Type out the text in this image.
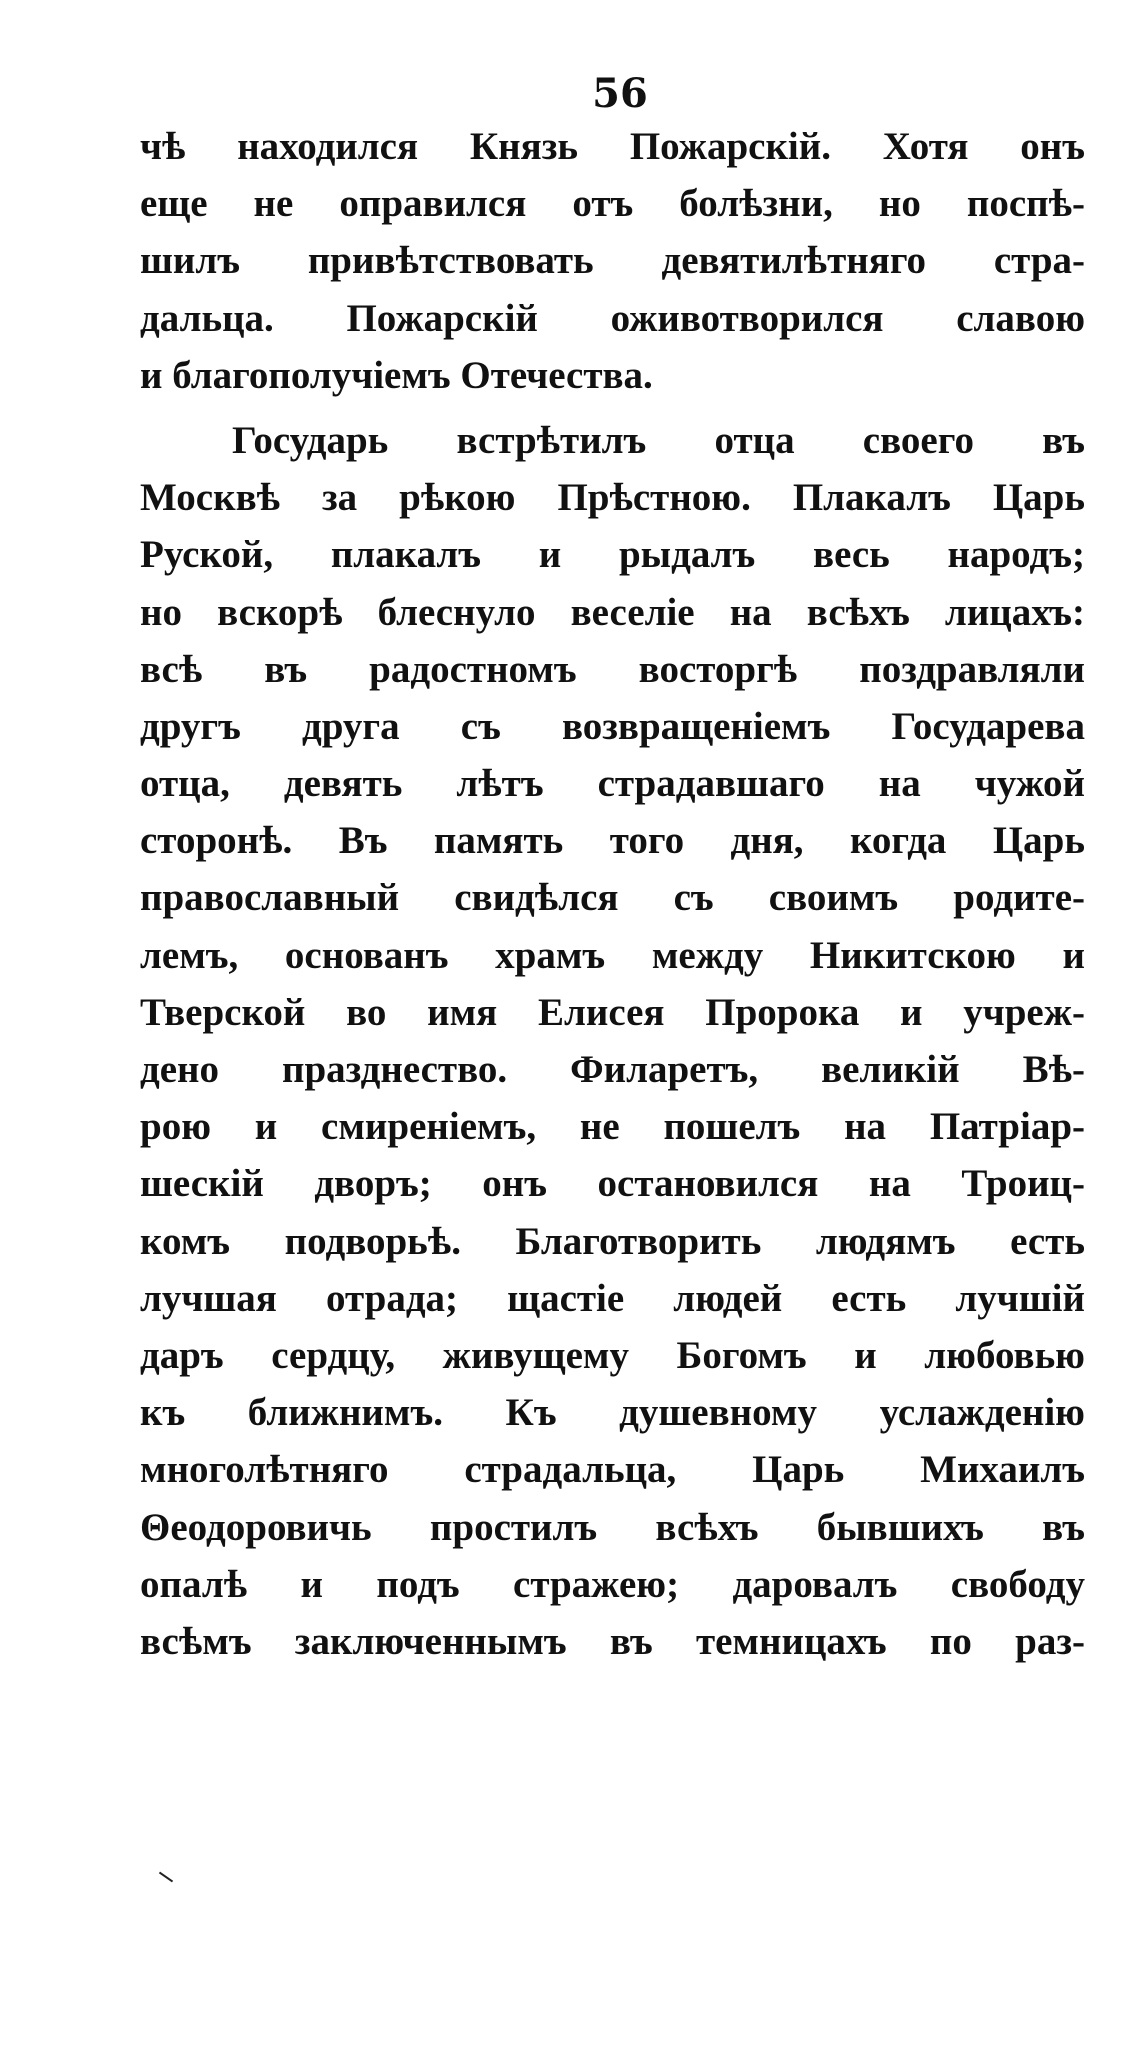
56
чѣ находился Князь Пожарскій. Хотя онъ
еще не оправился отъ болѣзни, но поспѣ-
шилъ привѣтствовать девятилѣтняго стра-
дальца. Пожарскій оживотворился славою
и благополучіемъ Отечества.
Государь встрѣтилъ отца своего въ
Москвѣ за рѣкою Прѣстною. Плакалъ Царь
Руской, плакалъ и рыдалъ весь народъ;
но вскорѣ блеснуло веселіе на всѣхъ лицахъ:
всѣ въ радостномъ восторгѣ поздравляли
другъ друга съ возвращеніемъ Государева
отца, девять лѣтъ страдавшаго на чужой
сторонѣ. Въ память того дня, когда Царь
православный свидѣлся съ своимъ родите-
лемъ, основанъ храмъ между Никитскою и
Тверской во имя Елисея Пророка и учреж-
дено празднество. Филаретъ, великій Вѣ-
рою и смиреніемъ, не пошелъ на Патріар-
шескій дворъ; онъ остановился на Троиц-
комъ подворьѣ. Благотворить людямъ есть
лучшая отрада; щастіе людей есть лучшій
даръ сердцу, живущему Богомъ и любовью
къ ближнимъ. Къ душевному услажденію
многолѣтняго страдальца, Царь Михаилъ
Θеодоровичь простилъ всѣхъ бывшихъ въ
опалѣ и подъ стражею; даровалъ свободу
всѣмъ заключеннымъ въ темницахъ по раз-
